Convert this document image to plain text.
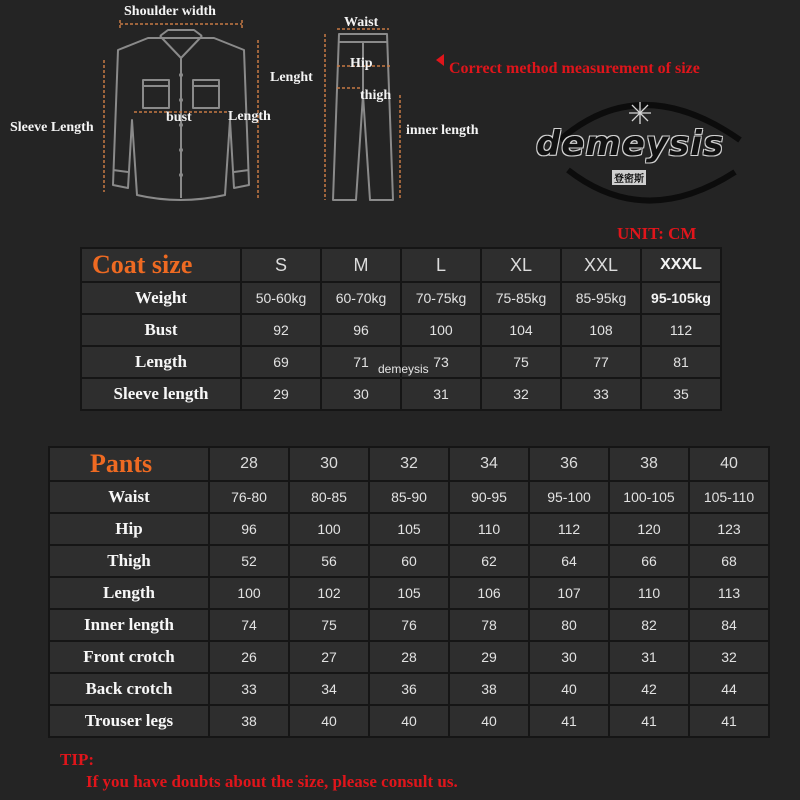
Shoulder width
Sleeve Length
bust	Length
Waist
Lenght
Hip
thigh
inner length
Correct method measurement of size
demeysis
登密斯
UNIT: CM
Coat size	S	M	L	XL	XXL	XXXL
Weight	50-60kg	60-70kg	70-75kg	75-85kg	85-95kg	95-105kg
Bust	92	96	100	104	108	112
Length	69	71	73	75	77	81
Sleeve length	29	30	31	32	33	35
demeysis
Pants	28	30	32	34	36	38	40
Waist	76-80	80-85	85-90	90-95	95-100	100-105	105-110
Hip	96	100	105	110	112	120	123
Thigh	52	56	60	62	64	66	68
Length	100	102	105	106	107	110	113
Inner length	74	75	76	78	80	82	84
Front crotch	26	27	28	29	30	31	32
Back crotch	33	34	36	38	40	42	44
Trouser legs	38	40	40	40	41	41	41
TIP:
If you have doubts about the size, please consult us.
